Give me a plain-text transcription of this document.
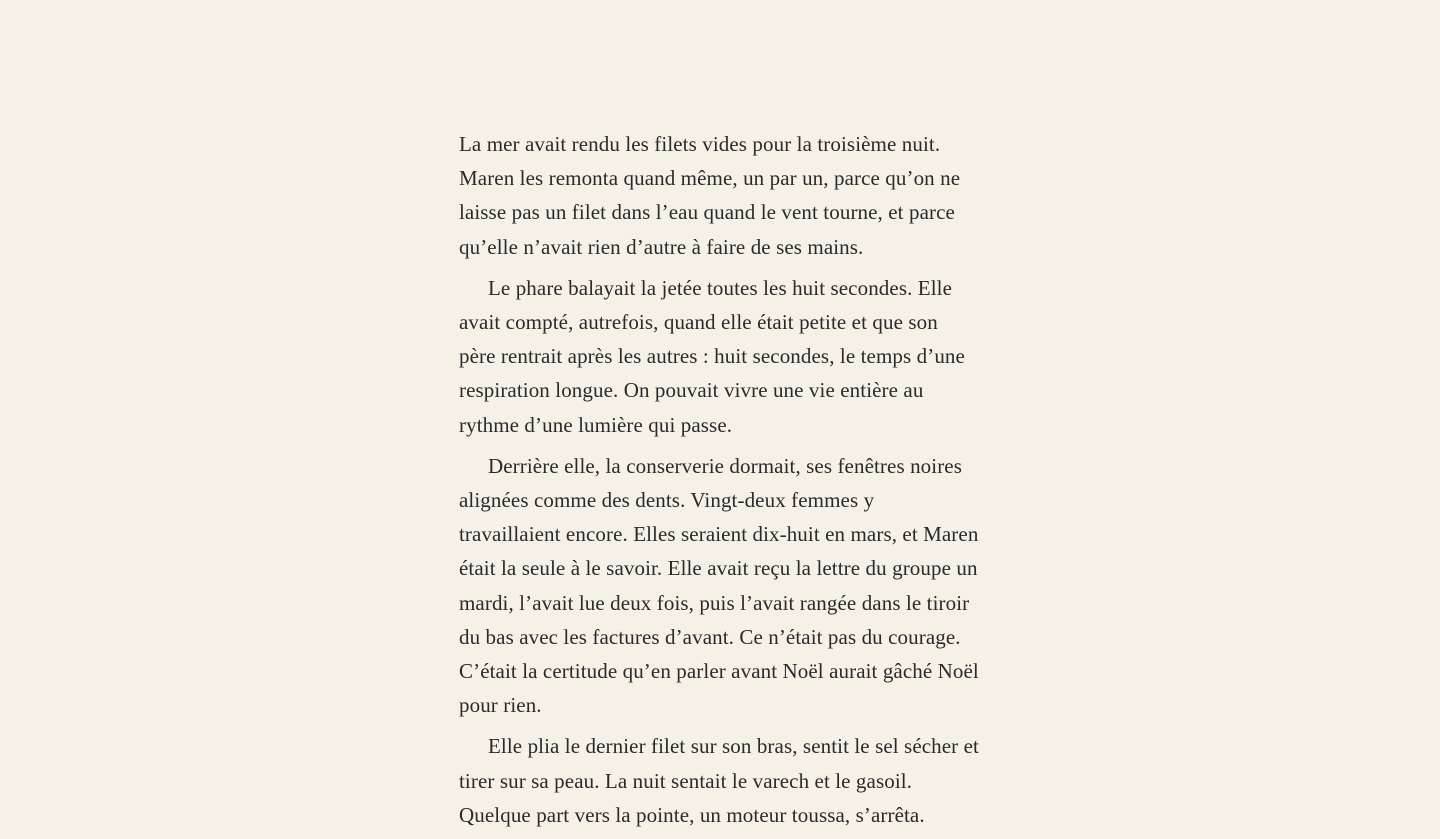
La mer avait rendu les filets vides pour la troisième nuit. Maren les remonta quand même, un par un, parce qu’on ne laisse pas un filet dans l’eau quand le vent tourne, et parce qu’elle n’avait rien d’autre à faire de ses mains.

Le phare balayait la jetée toutes les huit secondes. Elle avait compté, autrefois, quand elle était petite et que son père rentrait après les autres : huit secondes, le temps d’une respiration longue. On pouvait vivre une vie entière au rythme d’une lumière qui passe.

Derrière elle, la conserverie dormait, ses fenêtres noires alignées comme des dents. Vingt-deux femmes y travaillaient encore. Elles seraient dix-huit en mars, et Maren était la seule à le savoir. Elle avait reçu la lettre du groupe un mardi, l’avait lue deux fois, puis l’avait rangée dans le tiroir du bas avec les factures d’avant. Ce n’était pas du courage. C’était la certitude qu’en parler avant Noël aurait gâché Noël pour rien.

Elle plia le dernier filet sur son bras, sentit le sel sécher et tirer sur sa peau. La nuit sentait le varech et le gasoil. Quelque part vers la pointe, un moteur toussa, s’arrêta.
